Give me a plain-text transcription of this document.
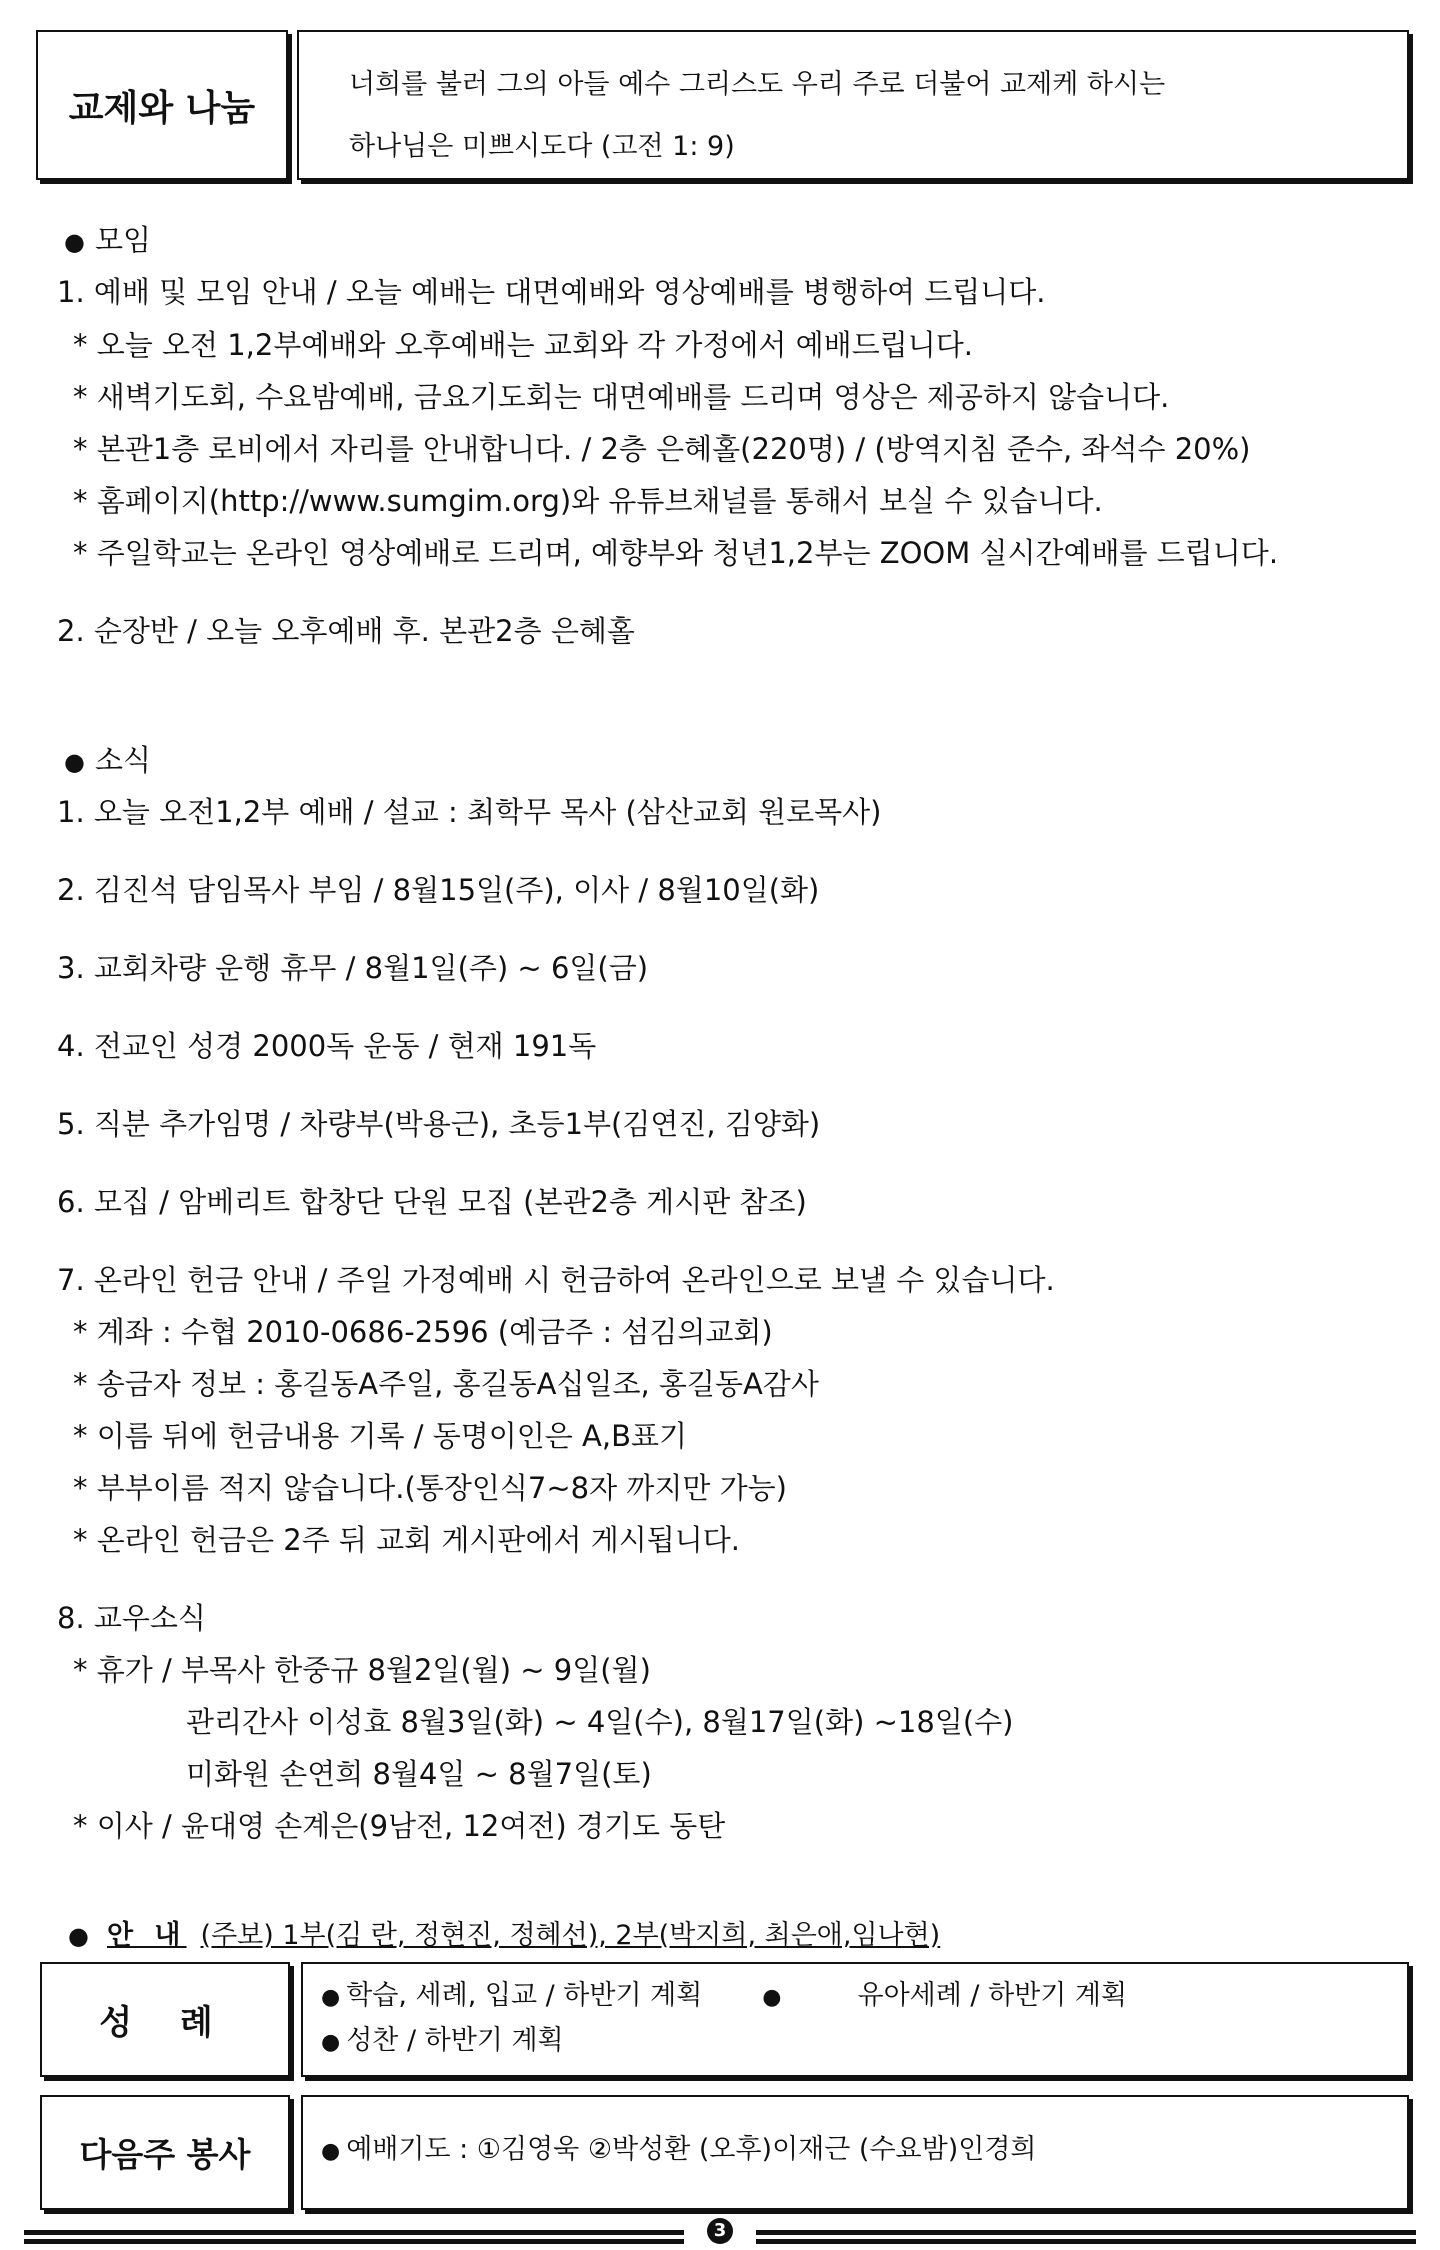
교제와 나눔
너희를 불러 그의 아들 예수 그리스도 우리 주로 더불어 교제케 하시는
하나님은 미쁘시도다 (고전 1: 9)
● 모임
1. 예배 및 모임 안내 / 오늘 예배는 대면예배와 영상예배를 병행하여 드립니다.
* 오늘 오전 1,2부예배와 오후예배는 교회와 각 가정에서 예배드립니다.
* 새벽기도회, 수요밤예배, 금요기도회는 대면예배를 드리며 영상은 제공하지 않습니다.
* 본관1층 로비에서 자리를 안내합니다. / 2층 은혜홀(220명) / (방역지침 준수, 좌석수 20%)
* 홈페이지(http://www.sumgim.org)와 유튜브채널를 통해서 보실 수 있습니다.
* 주일학교는 온라인 영상예배로 드리며, 예향부와 청년1,2부는 ZOOM 실시간예배를 드립니다.
2. 순장반 / 오늘 오후예배 후. 본관2층 은혜홀
● 소식
1. 오늘 오전1,2부 예배 / 설교 : 최학무 목사 (삼산교회 원로목사)
2. 김진석 담임목사 부임 / 8월15일(주), 이사 / 8월10일(화)
3. 교회차량 운행 휴무 / 8월1일(주) ~ 6일(금)
4. 전교인 성경 2000독 운동 / 현재 191독
5. 직분 추가임명 / 차량부(박용근), 초등1부(김연진, 김양화)
6. 모집 / 암베리트 합창단 단원 모집 (본관2층 게시판 참조)
7. 온라인 헌금 안내 / 주일 가정예배 시 헌금하여 온라인으로 보낼 수 있습니다.
* 계좌 : 수협 2010-0686-2596 (예금주 : 섬김의교회)
* 송금자 정보 : 홍길동A주일, 홍길동A십일조, 홍길동A감사
* 이름 뒤에 헌금내용 기록 / 동명이인은 A,B표기
* 부부이름 적지 않습니다.(통장인식7~8자 까지만 가능)
* 온라인 헌금은 2주 뒤 교회 게시판에서 게시됩니다.
8. 교우소식
* 휴가 / 부목사 한중규 8월2일(월) ~ 9일(월)
관리간사 이성효 8월3일(화) ~ 4일(수), 8월17일(화) ~18일(수)
미화원 손연희 8월4일 ~ 8월7일(토)
* 이사 / 윤대영 손계은(9남전, 12여전) 경기도 동탄
● 안 내 (주보) 1부(김 란, 정현진, 정혜선), 2부(박지희, 최은애,임나현)
성 례
● 학습, 세례, 입교 / 하반기 계획	●	유아세례 / 하반기 계획
● 성찬 / 하반기 계획
다음주 봉사	● 예배기도 : ①김영욱 ②박성환 (오후)이재근 (수요밤)인경희
3
